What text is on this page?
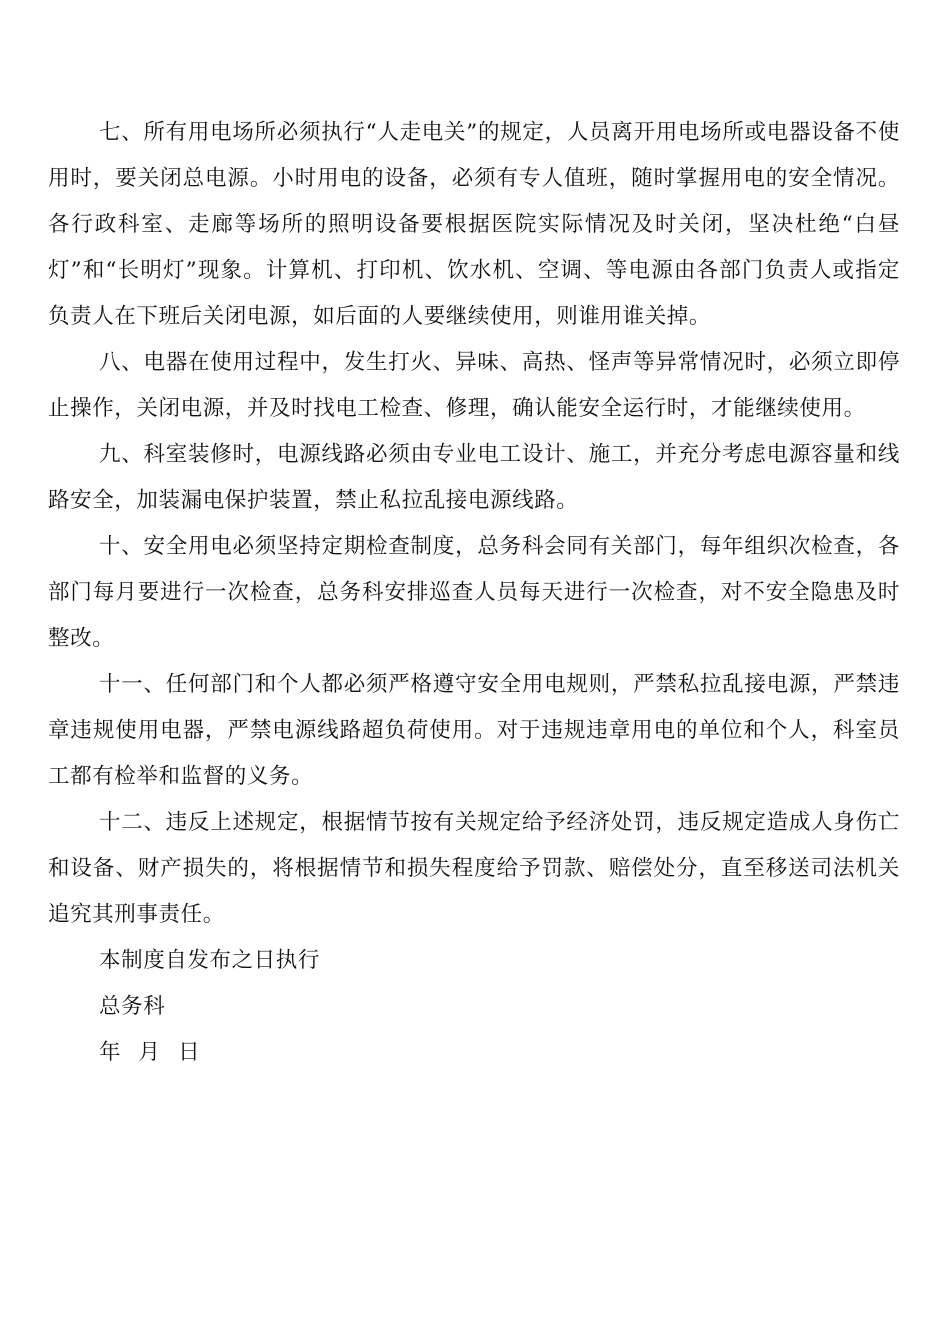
七、所有用电场所必须执行“人走电关”的规定，人员离开用电场所或电器设备不使用时，要关闭总电源。小时用电的设备，必须有专人值班，随时掌握用电的安全情况。各行政科室、走廊等场所的照明设备要根据医院实际情况及时关闭，坚决杜绝“白昼灯”和“长明灯”现象。计算机、打印机、饮水机、空调、等电源由各部门负责人或指定负责人在下班后关闭电源，如后面的人要继续使用，则谁用谁关掉。

八、电器在使用过程中，发生打火、异味、高热、怪声等异常情况时，必须立即停止操作，关闭电源，并及时找电工检查、修理，确认能安全运行时，才能继续使用。

九、科室装修时，电源线路必须由专业电工设计、施工，并充分考虑电源容量和线路安全，加装漏电保护装置，禁止私拉乱接电源线路。

十、安全用电必须坚持定期检查制度，总务科会同有关部门，每年组织次检查，各部门每月要进行一次检查，总务科安排巡查人员每天进行一次检查，对不安全隐患及时整改。

十一、任何部门和个人都必须严格遵守安全用电规则，严禁私拉乱接电源，严禁违章违规使用电器，严禁电源线路超负荷使用。对于违规违章用电的单位和个人，科室员工都有检举和监督的义务。

十二、违反上述规定，根据情节按有关规定给予经济处罚，违反规定造成人身伤亡和设备、财产损失的，将根据情节和损失程度给予罚款、赔偿处分，直至移送司法机关追究其刑事责任。

本制度自发布之日执行

总务科

年 月 日
